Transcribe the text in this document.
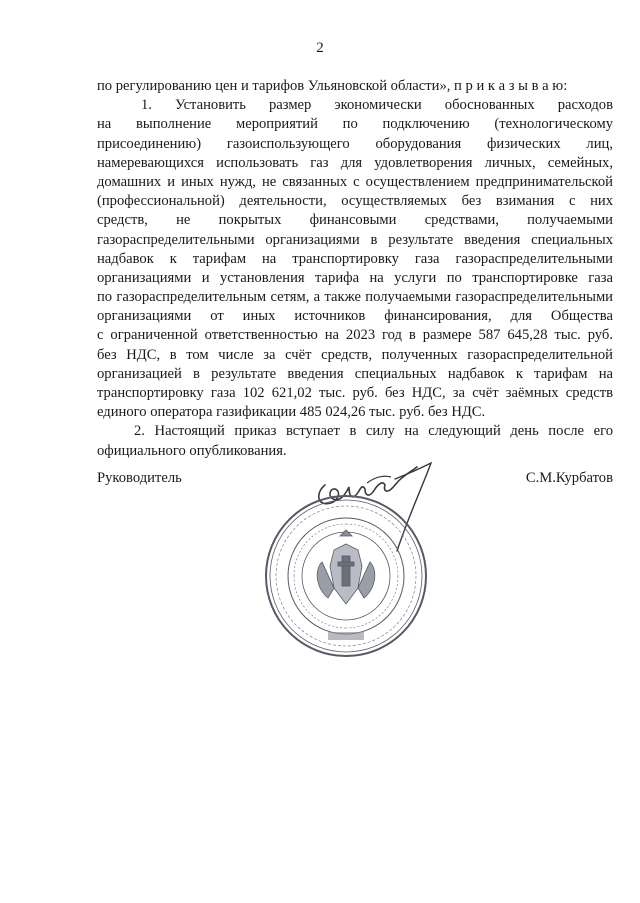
2
по регулированию цен и тарифов Ульяновской области», п р и к а з ы в а ю:
1. Установить размер экономически обоснованных расходов
на выполнение мероприятий по подключению (технологическому
присоединению) газоиспользующего оборудования физических лиц,
намеревающихся использовать газ для удовлетворения личных, семейных,
домашних и иных нужд, не связанных с осуществлением предпринимательской
(профессиональной) деятельности, осуществляемых без взимания с них
средств, не покрытых финансовыми средствами, получаемыми
газораспределительными организациями в результате введения специальных
надбавок к тарифам на транспортировку газа газораспределительными
организациями и установления тарифа на услуги по транспортировке газа
по газораспределительным сетям, а также получаемыми газораспределительными
организациями от иных источников финансирования, для Общества
с ограниченной ответственностью на 2023 год в размере 587 645,28 тыс. руб.
без НДС, в том числе за счёт средств, полученных газораспределительной
организацией в результате введения специальных надбавок к тарифам на
транспортировку газа 102 621,02 тыс. руб. без НДС, за счёт заёмных средств
единого оператора газификации 485 024,26 тыс. руб. без НДС.
2. Настоящий приказ вступает в силу на следующий день после его
официального опубликования.
Руководитель	С.М.Курбатов
